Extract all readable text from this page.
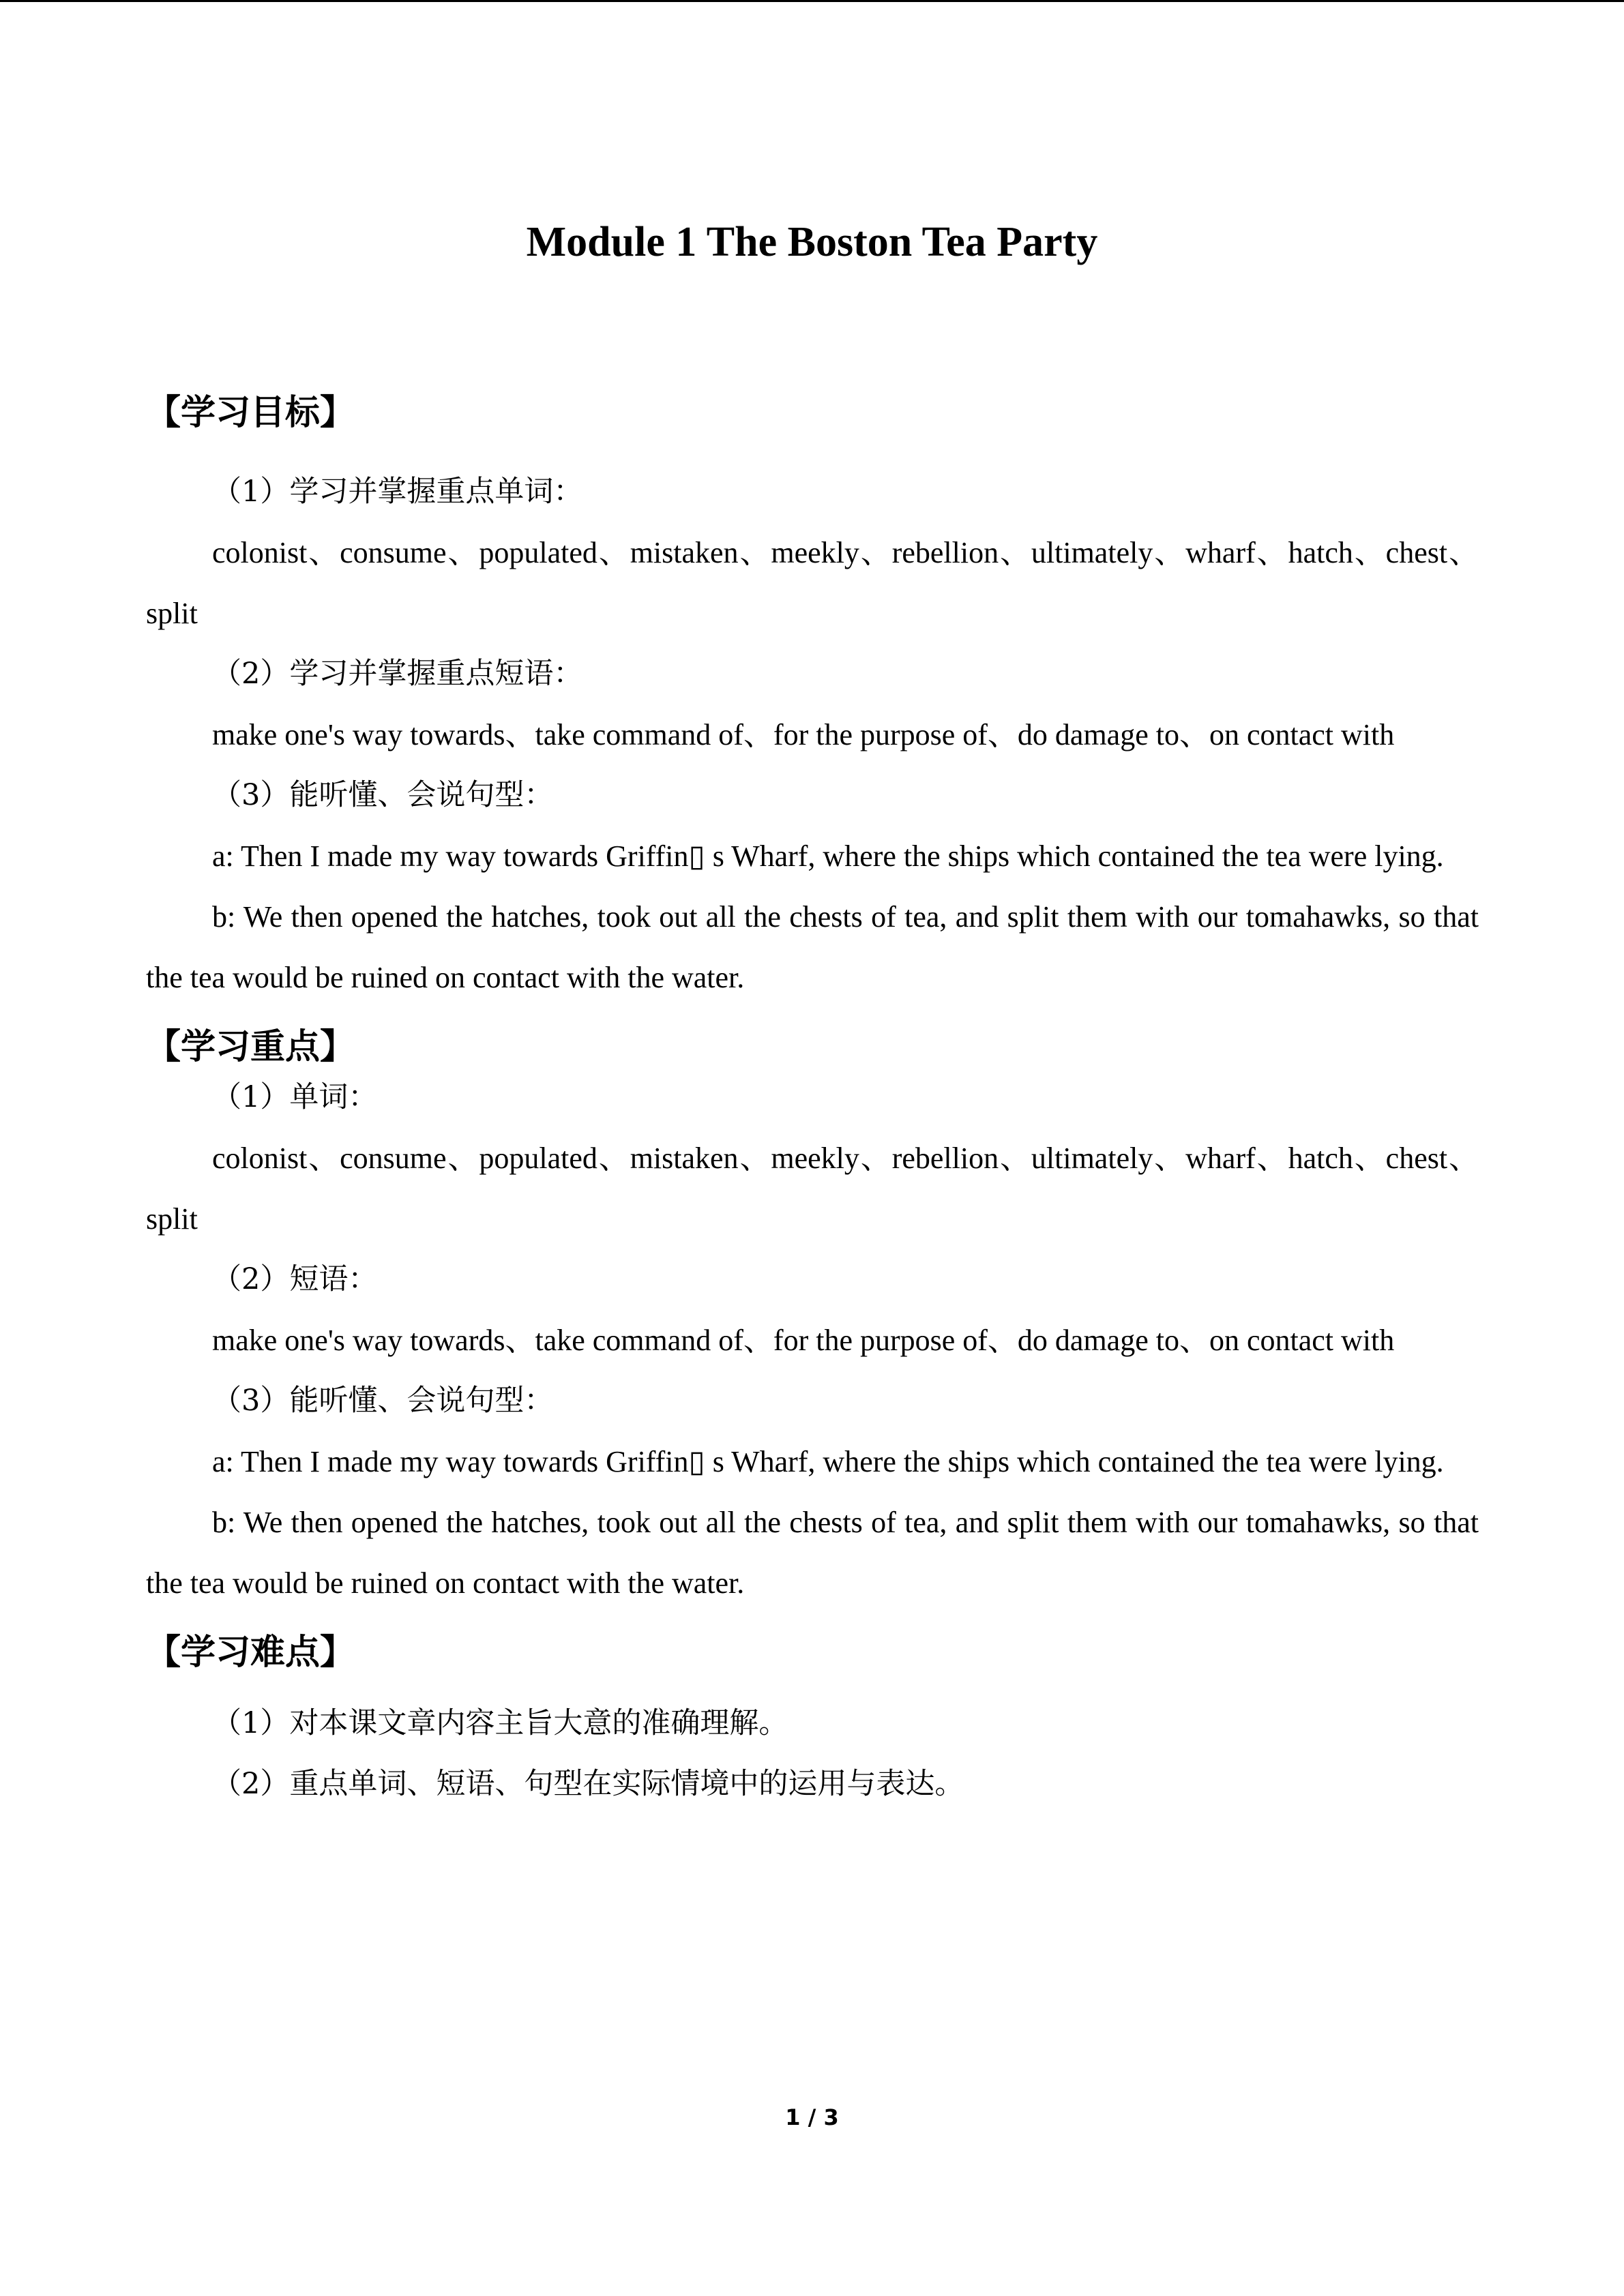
Module 1 The Boston Tea Party
【学习目标】

（1）学习并掌握重点单词：

colonist、consume、populated、mistaken、meekly、rebellion、ultimately、wharf、hatch、chest、split

（2）学习并掌握重点短语：

make one's way towards、take command of、for the purpose of、do damage to、on contact with

（3）能听懂、会说句型：

a: Then I made my way towards Griffin▯ s Wharf, where the ships which contained the tea were lying.

b: We then opened the hatches, took out all the chests of tea, and split them with our tomahawks, so that the tea would be ruined on contact with the water.

【学习重点】

（1）单词：

colonist、consume、populated、mistaken、meekly、rebellion、ultimately、wharf、hatch、chest、split

（2）短语：

make one's way towards、take command of、for the purpose of、do damage to、on contact with

（3）能听懂、会说句型：

a: Then I made my way towards Griffin▯ s Wharf, where the ships which contained the tea were lying.

b: We then opened the hatches, took out all the chests of tea, and split them with our tomahawks, so that the tea would be ruined on contact with the water.

【学习难点】

（1）对本课文章内容主旨大意的准确理解。

（2）重点单词、短语、句型在实际情境中的运用与表达。

1 / 3
